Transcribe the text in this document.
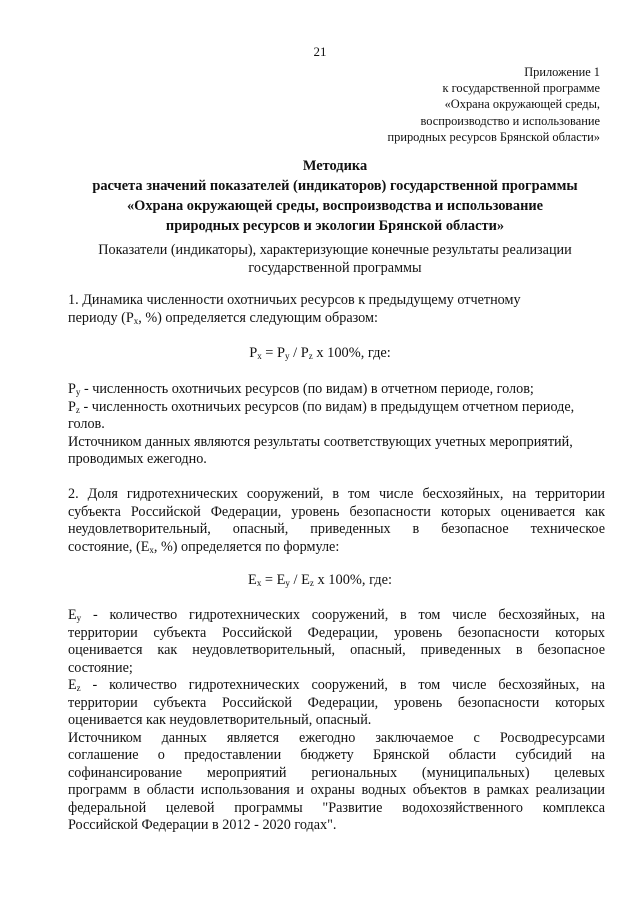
21
Приложение 1
к государственной программе
«Охрана окружающей среды,
воспроизводство и использование
природных ресурсов Брянской области»
Методика
расчета значений показателей (индикаторов) государственной программы
«Охрана окружающей среды, воспроизводства и использование
природных ресурсов и экологии Брянской области»
Показатели (индикаторы), характеризующие конечные результаты реализации
государственной программы
1. Динамика численности охотничьих ресурсов к предыдущему отчетному
периоду ($Р_х$, %) определяется следующим образом:
$Р_х = Р_у / Р_z$ х 100%, где:
$Р_у$ - численность охотничьих ресурсов (по видам) в отчетном периоде, голов;
$Р_z$ - численность охотничьих ресурсов (по видам) в предыдущем отчетном периоде,
голов.
Источником данных являются результаты соответствующих учетных мероприятий,
проводимых ежегодно.
2. Доля гидротехнических сооружений, в том числе бесхозяйных, на территории
субъекта Российской Федерации, уровень безопасности которых оценивается как
неудовлетворительный, опасный, приведенных в безопасное техническое
состояние, ($Е_х$, %) определяется по формуле:
$Е_х = Е_у / Е_z$ х 100%, где:
$Е_у$ - количество гидротехнических сооружений, в том числе бесхозяйных, на
территории субъекта Российской Федерации, уровень безопасности которых
оценивается как неудовлетворительный, опасный, приведенных в безопасное
состояние;
$Е_z$ - количество гидротехнических сооружений, в том числе бесхозяйных, на
территории субъекта Российской Федерации, уровень безопасности которых
оценивается как неудовлетворительный, опасный.
Источником данных является ежегодно заключаемое с Росводресурсами
соглашение о предоставлении бюджету Брянской области субсидий на
софинансирование мероприятий региональных (муниципальных) целевых
программ в области использования и охраны водных объектов в рамках реализации
федеральной целевой программы "Развитие водохозяйственного комплекса
Российской Федерации в 2012 - 2020 годах".
